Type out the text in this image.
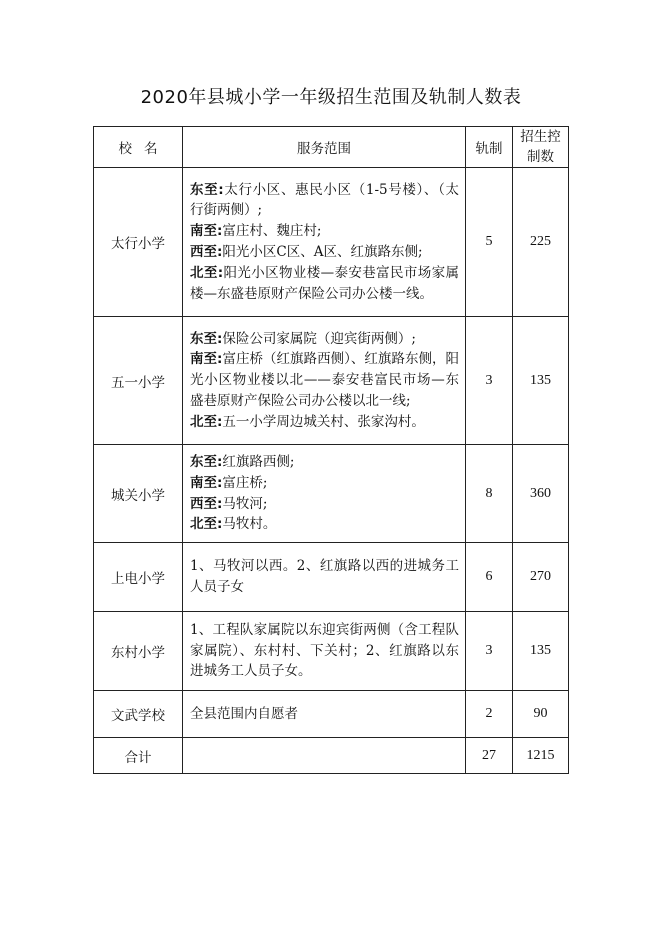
2020年县城小学一年级招生范围及轨制人数表
校名	服务范围	轨制	招生控
制数
太行小学	东至:太行小区、惠民小区（1-5号楼）、（太行街两侧）;
南至:富庄村、魏庄村;
西至:阳光小区C区、A区、红旗路东侧;
北至:阳光小区物业楼—泰安巷富民市场家属楼—东盛巷原财产保险公司办公楼一线。	5	225
五一小学	东至:保险公司家属院（迎宾街两侧）;
南至:富庄桥（红旗路西侧）、红旗路东侧，阳光小区物业楼以北——泰安巷富民市场—东盛巷原财产保险公司办公楼以北一线;
北至:五一小学周边城关村、张家沟村。	3	135
城关小学	东至:红旗路西侧;
南至:富庄桥;
西至:马牧河;
北至:马牧村。	8	360
上电小学	1、马牧河以西。2、红旗路以西的进城务工人员子女	6	270
东村小学	1、工程队家属院以东迎宾街两侧（含工程队家属院）、东村村、下关村；2、红旗路以东进城务工人员子女。	3	135
文武学校	全县范围内自愿者	2	90
合计		27	1215
